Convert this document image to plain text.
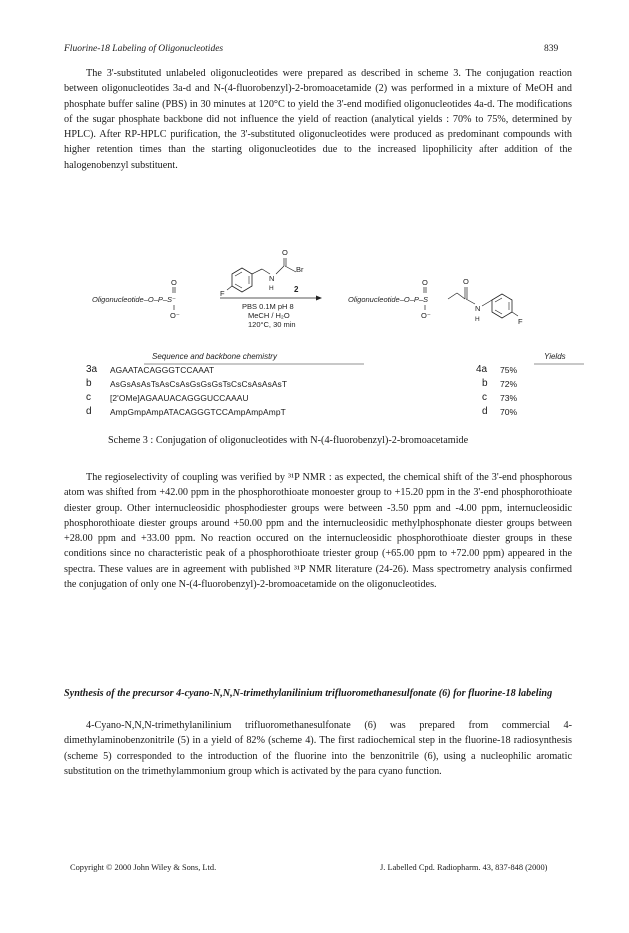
Fluorine-18 Labeling of Oligonucleotides	839

The 3'-substituted unlabeled oligonucleotides were prepared as described in scheme 3. The conjugation reaction between oligonucleotides 3a-d and N-(4-fluorobenzyl)-2-bromoacetamide (2) was performed in a mixture of MeOH and phosphate buffer saline (PBS) in 30 minutes at 120°C to yield the 3'-end modified oligonucleotides 4a-d. The modifications of the sugar phosphate backbone did not influence the yield of reaction (analytical yields : 70% to 75%, determined by HPLC). After RP-HPLC purification, the 3'-substituted oligonucleotides were produced as predominant compounds with higher retention times than the starting oligonucleotides due to the increased lipophilicity after addition of the halogenobenzyl substituent.

Oligonucleotide–O–P–S⁻
O
O⁻
F
N
H
O
Br
2
PBS 0.1M pH 8
MeCH / H₂O
120°C, 30 min
Oligonucleotide–O–P–S
O
O⁻
O
N
H	F
Sequence and backbone chemistry	Yields
3a AGAATACAGGGTCCAAAT	4a 75%
b AsGsAsAsTsAsCsAsGsGsGsTsCsCsAsAsAsT	b 72%
c [2'OMe]AGAAUACAGGGUCCAAAU	c 73%
d AmpGmpAmpATACAGGGTCCAmpAmpAmpT	d 70%
Scheme 3 : Conjugation of oligonucleotides with N-(4-fluorobenzyl)-2-bromoacetamide

The regioselectivity of coupling was verified by ³¹P NMR : as expected, the chemical shift of the 3'-end phosphorous atom was shifted from +42.00 ppm in the phosphorothioate monoester group to +15.20 ppm in the 3'-end phosphorothioate diester group. Other internucleosidic phosphodiester groups were between -3.50 ppm and -4.00 ppm, internucleosidic phosphorothioate diester groups around +50.00 ppm and the internucleosidic methylphosphonate diester groups between +28.00 ppm and +33.00 ppm. No reaction occured on the internucleosidic phosphorothioate diester groups in these conditions since no characteristic peak of a phosphorothioate triester group (+65.00 ppm to +72.00 ppm) appeared in the spectra. These values are in agreement with published ³¹P NMR literature (24-26). Mass spectrometry analysis confirmed the conjugation of only one N-(4-fluorobenzyl)-2-bromoacetamide on the oligonucleotides.

Synthesis of the precursor 4-cyano-N,N,N-trimethylanilinium trifluoromethanesulfonate (6) for fluorine-18 labeling

4-Cyano-N,N,N-trimethylanilinium trifluoromethanesulfonate (6) was prepared from commercial 4-dimethylaminobenzonitrile (5) in a yield of 82% (scheme 4). The first radiochemical step in the fluorine-18 radiosynthesis (scheme 5) corresponded to the introduction of the fluorine into the benzonitrile (6), using a nucleophilic aromatic substitution on the trimethylammonium group which is activated by the para cyano function.

Copyright © 2000 John Wiley & Sons, Ltd.	J. Labelled Cpd. Radiopharm. 43, 837-848 (2000)
